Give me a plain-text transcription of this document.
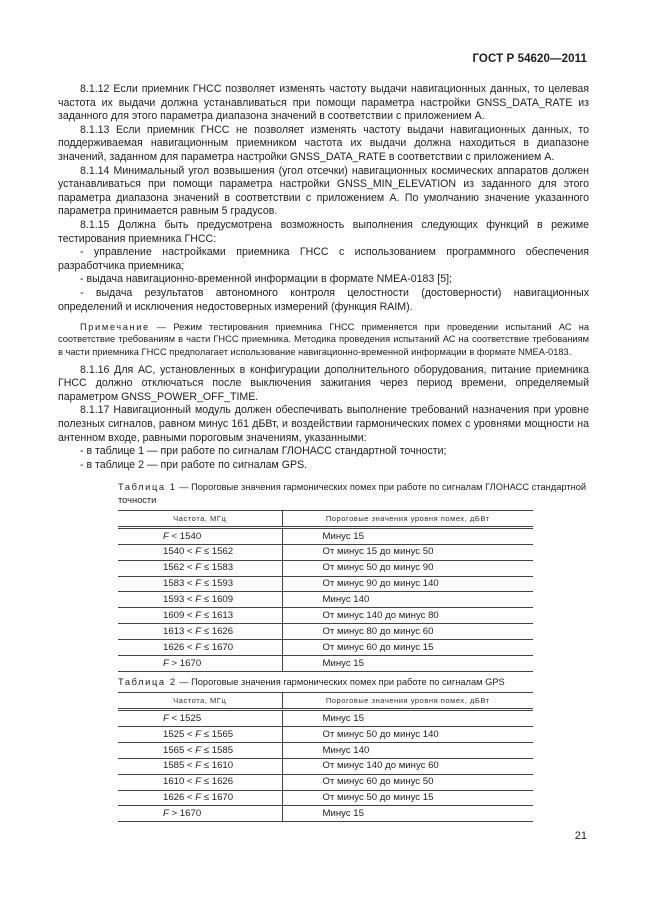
ГОСТ Р 54620—2011

8.1.12 Если приемник ГНСС позволяет изменять частоту выдачи навигационных данных, то целевая частота их выдачи должна устанавливаться при помощи параметра настройки GNSS_DATA_RATE из заданного для этого параметра диапазона значений в соответствии с приложением А.

8.1.13 Если приемник ГНСС не позволяет изменять частоту выдачи навигационных данных, то поддерживаемая навигационным приемником частота их выдачи должна находиться в диапазоне значений, заданном для параметра настройки GNSS_DATA_RATE в соответствии с приложением А.

8.1.14 Минимальный угол возвышения (угол отсечки) навигационных космических аппаратов должен устанавливаться при помощи параметра настройки GNSS_MIN_ELEVATION из заданного для этого параметра диапазона значений в соответствии с приложением А. По умолчанию значение указанного параметра принимается равным 5 градусов.

8.1.15 Должна быть предусмотрена возможность выполнения следующих функций в режиме тестирования приемника ГНСС:

- управление настройками приемника ГНСС с использованием программного обеспечения разработчика приемника;

- выдача навигационно-временной информации в формате NMEA-0183 [5];

- выдача результатов автономного контроля целостности (достоверности) навигационных определений и исключения недостоверных измерений (функция RAIM).

Примечание — Режим тестирования приемника ГНСС применяется при проведении испытаний АС на соответствие требованиям в части ГНСС приемника. Методика проведения испытаний АС на соответствие требованиям в части приемника ГНСС предполагает использование навигационно-временной информации в формате NMEA-0183.

8.1.16 Для АС, установленных в конфигурации дополнительного оборудования, питание приемника ГНСС должно отключаться после выключения зажигания через период времени, определяемый параметром GNSS_POWER_OFF_TIME.

8.1.17 Навигационный модуль должен обеспечивать выполнение требований назначения при уровне полезных сигналов, равном минус 161 дБВт, и воздействии гармонических помех с уровнями мощности на антенном входе, равными пороговым значениям, указанными:

- в таблице 1 — при работе по сигналам ГЛОНАСС стандартной точности;

- в таблице 2 — при работе по сигналам GPS.

Таблица 1 — Пороговые значения гармонических помех при работе по сигналам ГЛОНАСС стандартной точности

Частота, МГц	Пороговые значения уровня помех, дБВт
F < 1540	Минус 15
1540 < F ≤ 1562	От минус 15 до минус 50
1562 < F ≤ 1583	От минус 50 до минус 90
1583 < F ≤ 1593	От минус 90 до минус 140
1593 < F ≤ 1609	Минус 140
1609 < F ≤ 1613	От минус 140 до минус 80
1613 < F ≤ 1626	От минус 80 до минус 60
1626 < F ≤ 1670	От минус 60 до минус 15
F > 1670	Минус 15

Таблица 2 — Пороговые значения гармонических помех при работе по сигналам GPS

Частота, МГц	Пороговые значения уровня помех, дБВт
F < 1525	Минус 15
1525 < F ≤ 1565	От минус 50 до минус 140
1565 < F ≤ 1585	Минус 140
1585 < F ≤ 1610	От минус 140 до минус 60
1610 < F ≤ 1626	От минус 60 до минус 50
1626 < F ≤ 1670	От минус 50 до минус 15
F > 1670	Минус 15
21
